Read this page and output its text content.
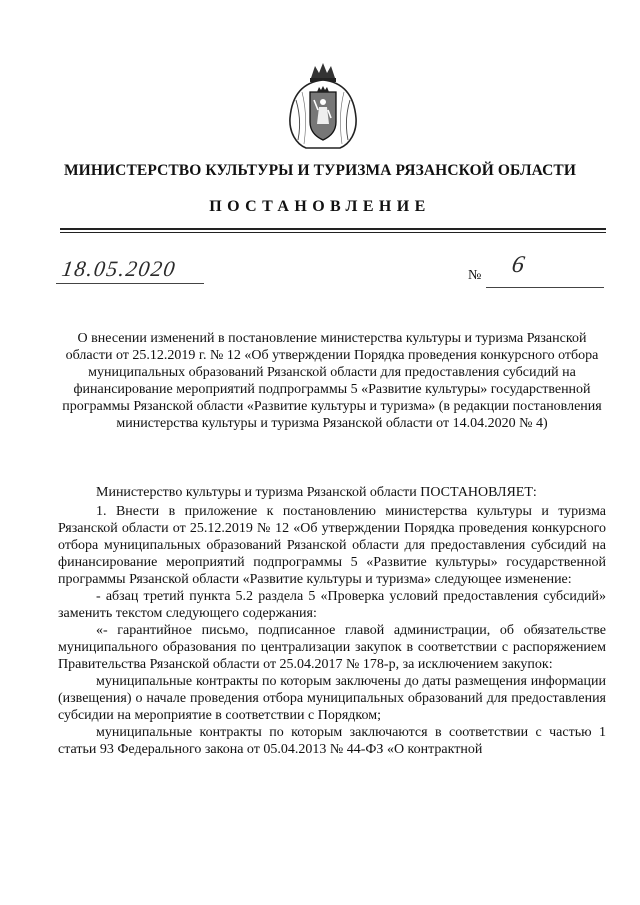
МИНИСТЕРСТВО КУЛЬТУРЫ И ТУРИЗМА РЯЗАНСКОЙ ОБЛАСТИ
ПОСТАНОВЛЕНИЕ
18.05.2020	№ 6
О внесении изменений в постановление министерства культуры и туризма Рязанской области от 25.12.2019 г. № 12 «Об утверждении Порядка проведения конкурсного отбора муниципальных образований Рязанской области для предоставления субсидий на финансирование мероприятий подпрограммы 5 «Развитие культуры» государственной программы Рязанской области «Развитие культуры и туризма» (в редакции постановления министерства культуры и туризма Рязанской области от 14.04.2020 № 4)

Министерство культуры и туризма Рязанской области ПОСТАНОВЛЯЕТ:

1. Внести в приложение к постановлению министерства культуры и туризма Рязанской области от 25.12.2019 № 12 «Об утверждении Порядка проведения конкурсного отбора муниципальных образований Рязанской области для предоставления субсидий на финансирование мероприятий подпрограммы 5 «Развитие культуры» государственной программы Рязанской области «Развитие культуры и туризма» следующее изменение:

- абзац третий пункта 5.2 раздела 5 «Проверка условий предоставления субсидий» заменить текстом следующего содержания:

«- гарантийное письмо, подписанное главой администрации, об обязательстве муниципального образования по централизации закупок в соответствии с распоряжением Правительства Рязанской области от 25.04.2017 № 178-р, за исключением закупок:

муниципальные контракты по которым заключены до даты размещения информации (извещения) о начале проведения отбора муниципальных образований для предоставления субсидии на мероприятие в соответствии с Порядком;

муниципальные контракты по которым заключаются в соответствии с частью 1 статьи 93 Федерального закона от 05.04.2013 № 44-ФЗ «О контрактной
